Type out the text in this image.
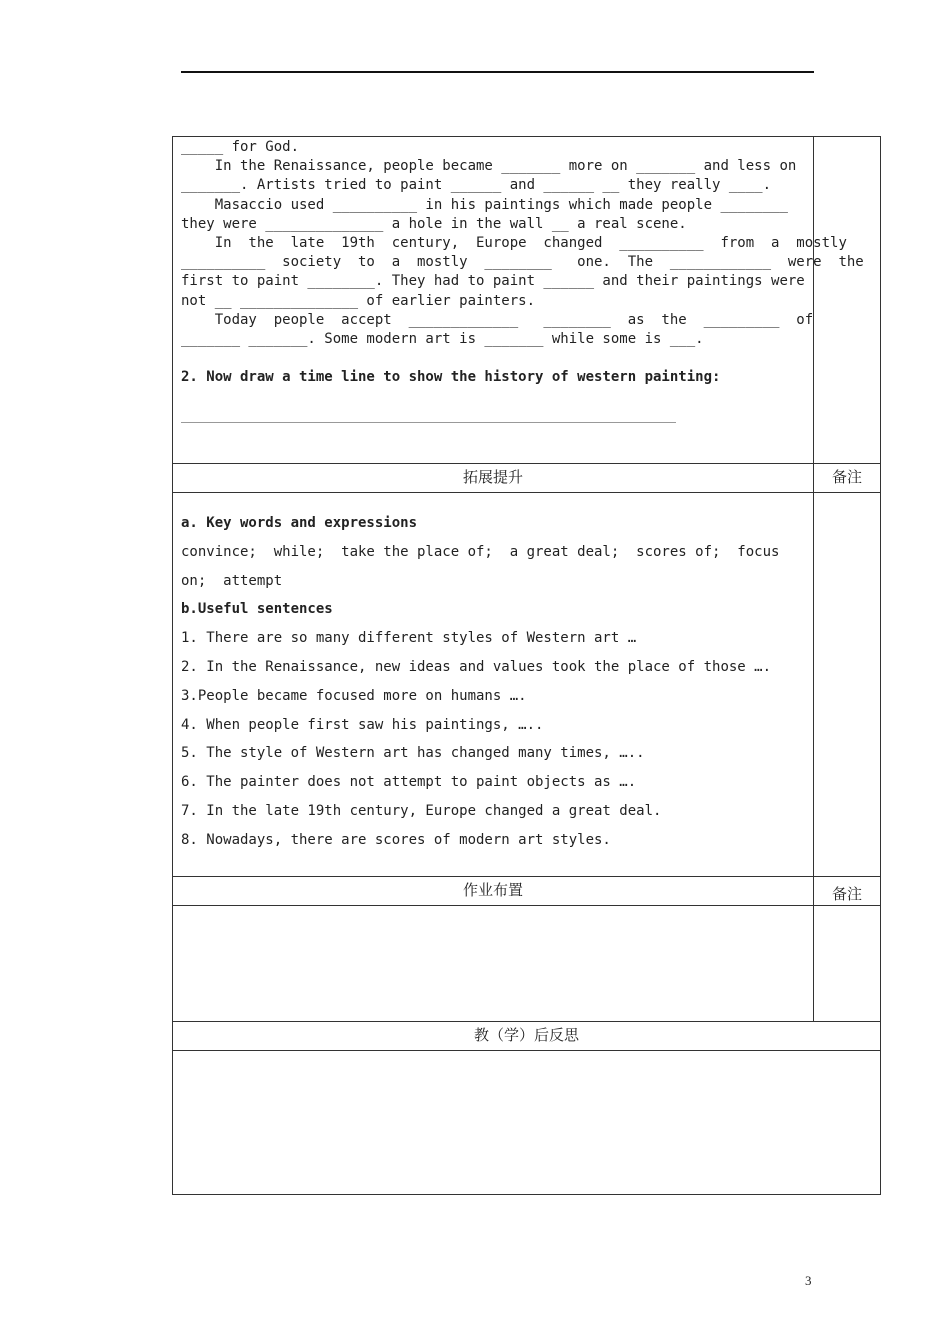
_____ for God.
In the Renaissance, people became _______ more on _______ and less on
_______. Artists tried to paint ______ and ______ __ they really ____.
Masaccio used __________ in his paintings which made people ________
they were ______________ a hole in the wall __ a real scene.
In  the  late  19th  century,  Europe  changed  __________  from  a  mostly
__________  society  to  a  mostly  ________   one.  The  ____________  were  the
first to paint ________. They had to paint ______ and their paintings were
not __ ______________ of earlier painters.
Today  people  accept  _____________   ________  as  the  _________  of
_______ _______. Some modern art is _______ while some is ___.
2. Now draw a time line to show the history of western painting:
拓展提升	备注
a. Key words and expressions
convince;  while;  take the place of;  a great deal;  scores of;  focus
on;  attempt
b.Useful sentences
1. There are so many different styles of Western art …
2. In the Renaissance, new ideas and values took the place of those ….
3.People became focused more on humans ….
4. When people first saw his paintings, …..
5. The style of Western art has changed many times, …..
6. The painter does not attempt to paint objects as ….
7. In the late 19th century, Europe changed a great deal.
8. Nowadays, there are scores of modern art styles.
作业布置	备注
教（学）后反思
3
